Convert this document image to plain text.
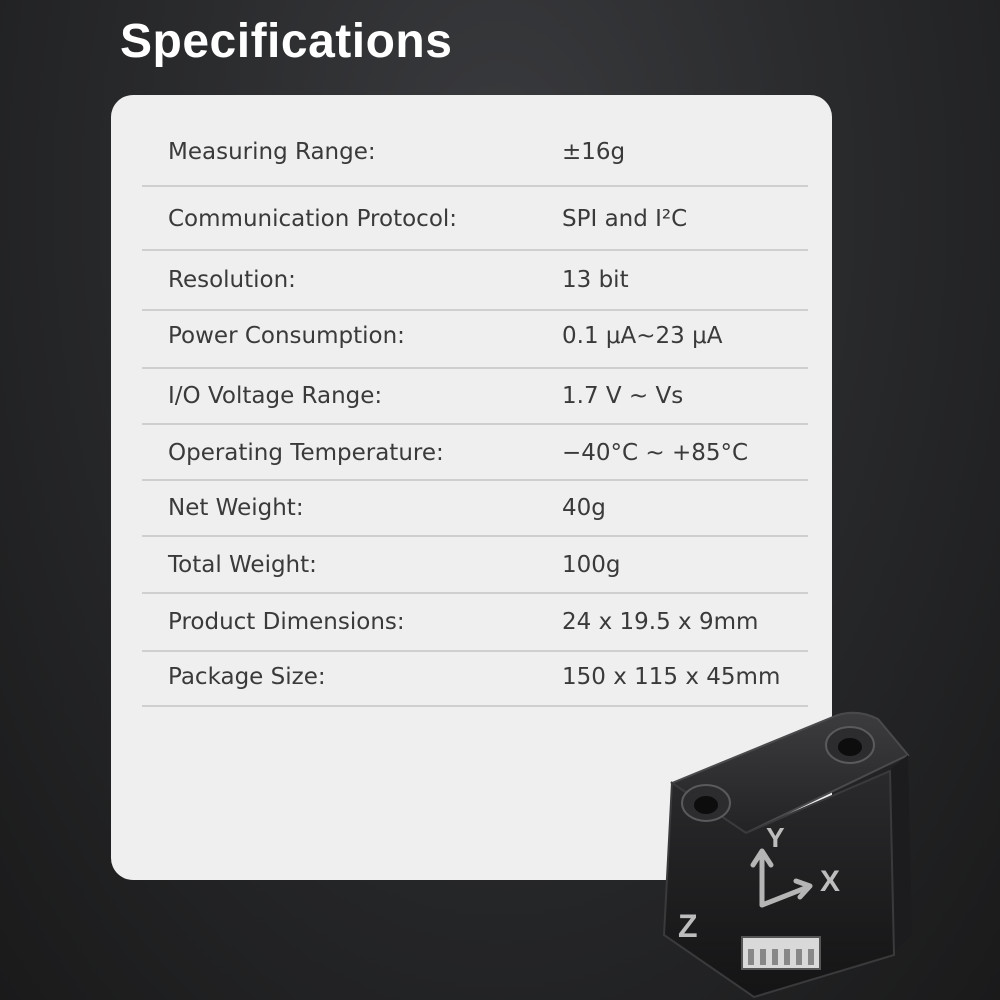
Specifications
Measuring Range:	±16g
Communication Protocol:	SPI and I²C
Resolution:	13 bit
Power Consumption:	0.1 μA~23 μA
I/O Voltage Range:	1.7 V ~ Vs
Operating Temperature:	−40°C ~ +85°C
Net Weight:	40g
Total Weight:	100g
Product Dimensions:	24 x 19.5 x 9mm
Package Size:	150 x 115 x 45mm
Y
X
Z
